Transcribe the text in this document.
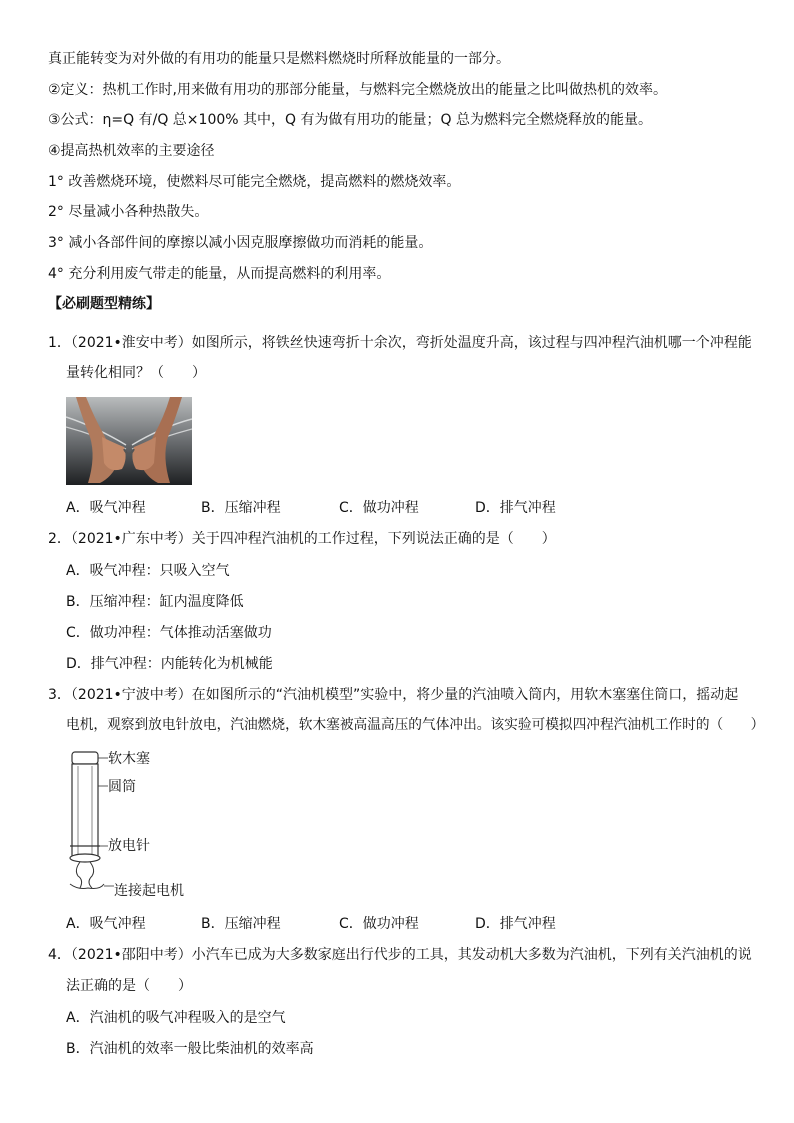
真正能转变为对外做的有用功的能量只是燃料燃烧时所释放能量的一部分。
②定义：热机工作时,用来做有用功的那部分能量，与燃料完全燃烧放出的能量之比叫做热机的效率。
③公式：η=Q 有/Q 总×100% 其中，Q 有为做有用功的能量；Q 总为燃料完全燃烧释放的能量。
④提高热机效率的主要途径
1° 改善燃烧环境，使燃料尽可能完全燃烧，提高燃料的燃烧效率。
2° 尽量减小各种热散失。
3° 减小各部件间的摩擦以减小因克服摩擦做功而消耗的能量。
4° 充分利用废气带走的能量，从而提高燃料的利用率。
【必刷题型精练】
1．（2021•淮安中考）如图所示，将铁丝快速弯折十余次，弯折处温度升高，该过程与四冲程汽油机哪一个冲程能
量转化相同？（　　）
A．吸气冲程	B．压缩冲程	C．做功冲程	D．排气冲程
2．（2021•广东中考）关于四冲程汽油机的工作过程，下列说法正确的是（　　）
A．吸气冲程：只吸入空气
B．压缩冲程：缸内温度降低
C．做功冲程：气体推动活塞做功
D．排气冲程：内能转化为机械能
3．（2021•宁波中考）在如图所示的“汽油机模型”实验中，将少量的汽油喷入筒内，用软木塞塞住筒口，摇动起
电机，观察到放电针放电，汽油燃烧，软木塞被高温高压的气体冲出。该实验可模拟四冲程汽油机工作时的（　　）
软木塞
圆筒
放电针
连接起电机
A．吸气冲程	B．压缩冲程	C．做功冲程	D．排气冲程
4．（2021•邵阳中考）小汽车已成为大多数家庭出行代步的工具，其发动机大多数为汽油机，下列有关汽油机的说
法正确的是（　　）
A．汽油机的吸气冲程吸入的是空气
B．汽油机的效率一般比柴油机的效率高
